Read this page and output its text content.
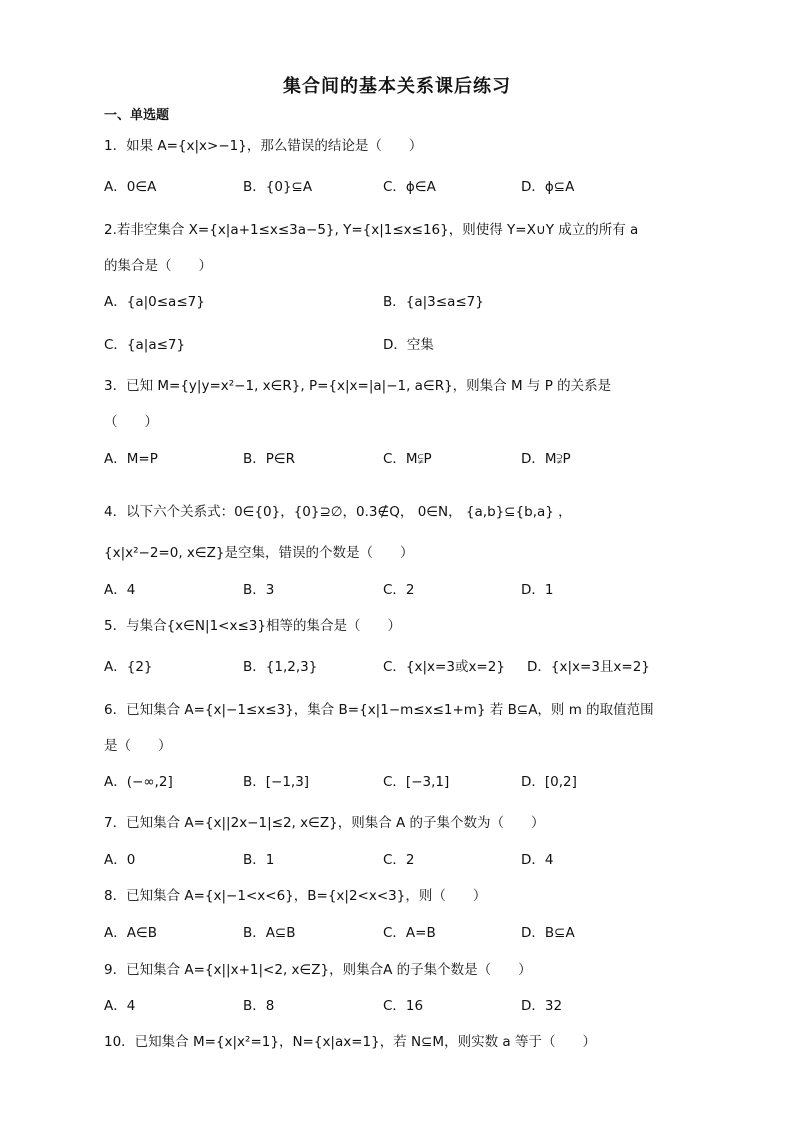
集合间的基本关系课后练习
一、单选题
1．如果 A={x|x>−1}，那么错误的结论是（　　）
A．0∈A	B．{0}⊆A	C．ϕ∈A	D．ϕ⊆A
2.若非空集合 X={x|a+1≤x≤3a−5}, Y={x|1≤x≤16}，则使得 Y=X∪Y 成立的所有 a
的集合是（　　）
A．{a|0≤a≤7}	B．{a|3≤a≤7}
C．{a|a≤7}	D．空集
3．已知 M={y|y=x²−1, x∈R}, P={x|x=|a|−1, a∈R}，则集合 M 与 P 的关系是
（　　）
A．M=P	B．P∈R	C．M⫋P	D．M⫌P
4．以下六个关系式：0∈{0}，{0}⊇∅，0.3∉Q， 0∈N， {a,b}⊆{b,a} ，
{x|x²−2=0, x∈Z}是空集，错误的个数是（　　）
A．4	B．3	C．2	D．1
5．与集合{x∈N|1<x≤3}相等的集合是（　　）
A．{2}	B．{1,2,3}	C．{x|x=3或x=2} D．{x|x=3且x=2}
6．已知集合 A={x|−1≤x≤3}，集合 B={x|1−m≤x≤1+m} 若 B⊆A，则 m 的取值范围
是（　　）
A．(−∞,2]	B．[−1,3]	C．[−3,1]	D．[0,2]
7．已知集合 A={x||2x−1|≤2, x∈Z}，则集合 A 的子集个数为（　　）
A．0	B．1	C．2	D．4
8．已知集合 A={x|−1<x<6}，B={x|2<x<3}，则（　　）
A．A∈B	B．A⊆B	C．A=B	D．B⊆A
9．已知集合 A={x||x+1|<2, x∈Z}，则集合A 的子集个数是（　　）
A．4	B．8	C．16	D．32
10．已知集合 M={x|x²=1}，N={x|ax=1}，若 N⊆M，则实数 a 等于（　　）
